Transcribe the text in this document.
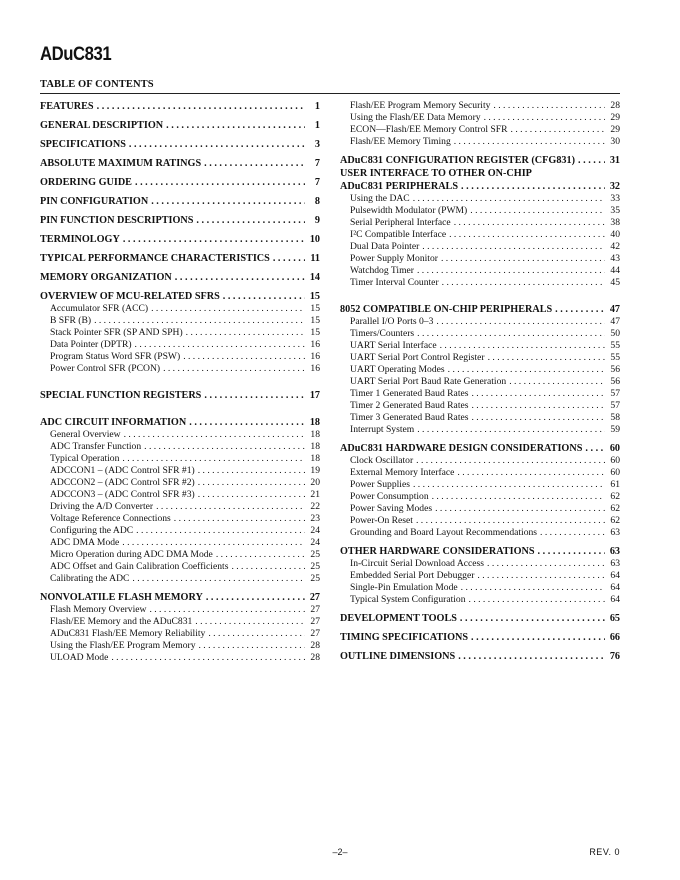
ADuC831
TABLE OF CONTENTS
FEATURES . . .	1
GENERAL DESCRIPTION . . .	1
SPECIFICATIONS . . .	3
ABSOLUTE MAXIMUM RATINGS . . .	7
ORDERING GUIDE . . .	7
PIN CONFIGURATION . . .	8
PIN FUNCTION DESCRIPTIONS . . .	9
TERMINOLOGY . . .	10
TYPICAL PERFORMANCE CHARACTERISTICS . . .	11
MEMORY ORGANIZATION . . .	14
OVERVIEW OF MCU-RELATED SFRS . . .	15
Accumulator SFR (ACC) . . .	15
B SFR (B) . . .	15
Stack Pointer SFR (SP AND SPH) . . .	15
Data Pointer (DPTR) . . .	16
Program Status Word SFR (PSW) . . .	16
Power Control SFR (PCON) . . .	16
SPECIAL FUNCTION REGISTERS . . .	17
ADC CIRCUIT INFORMATION . . .	18
General Overview . . .	18
ADC Transfer Function . . .	18
Typical Operation . . .	18
ADCCON1 – (ADC Control SFR #1) . . .	19
ADCCON2 – (ADC Control SFR #2) . . .	20
ADCCON3 – (ADC Control SFR #3) . . .	21
Driving the A/D Converter . . .	22
Voltage Reference Connections . . .	23
Configuring the ADC . . .	24
ADC DMA Mode . . .	24
Micro Operation during ADC DMA Mode . . .	25
ADC Offset and Gain Calibration Coefficients . . .	25
Calibrating the ADC . . .	25
NONVOLATILE FLASH MEMORY . . .	27
Flash Memory Overview . . .	27
Flash/EE Memory and the ADuC831 . . .	27
ADuC831 Flash/EE Memory Reliability . . .	27
Using the Flash/EE Program Memory . . .	28
ULOAD Mode . . .	28
Flash/EE Program Memory Security . . .	28
Using the Flash/EE Data Memory . . .	29
ECON—Flash/EE Memory Control SFR . . .	29
Flash/EE Memory Timing . . .	30
ADuC831 CONFIGURATION REGISTER (CFG831) . . .	31
USER INTERFACE TO OTHER ON-CHIP
ADuC831 PERIPHERALS . . .	32
Using the DAC . . .	33
Pulsewidth Modulator (PWM) . . .	35
Serial Peripheral Interface . . .	38
I²C Compatible Interface . . .	40
Dual Data Pointer . . .	42
Power Supply Monitor . . .	43
Watchdog Timer . . .	44
Timer Interval Counter . . .	45
8052 COMPATIBLE ON-CHIP PERIPHERALS . . .	47
Parallel I/O Ports 0–3 . . .	47
Timers/Counters . . .	50
UART Serial Interface . . .	55
UART Serial Port Control Register . . .	55
UART Operating Modes . . .	56
UART Serial Port Baud Rate Generation . . .	56
Timer 1 Generated Baud Rates . . .	57
Timer 2 Generated Baud Rates . . .	57
Timer 3 Generated Baud Rates . . .	58
Interrupt System . . .	59
ADuC831 HARDWARE DESIGN CONSIDERATIONS . . .	60
Clock Oscillator . . .	60
External Memory Interface . . .	60
Power Supplies . . .	61
Power Consumption . . .	62
Power Saving Modes . . .	62
Power-On Reset . . .	62
Grounding and Board Layout Recommendations . . .	63
OTHER HARDWARE CONSIDERATIONS . . .	63
In-Circuit Serial Download Access . . .	63
Embedded Serial Port Debugger . . .	64
Single-Pin Emulation Mode . . .	64
Typical System Configuration . . .	64
DEVELOPMENT TOOLS . . .	65
TIMING SPECIFICATIONS . . .	66
OUTLINE DIMENSIONS . . .	76
–2–	REV. 0
